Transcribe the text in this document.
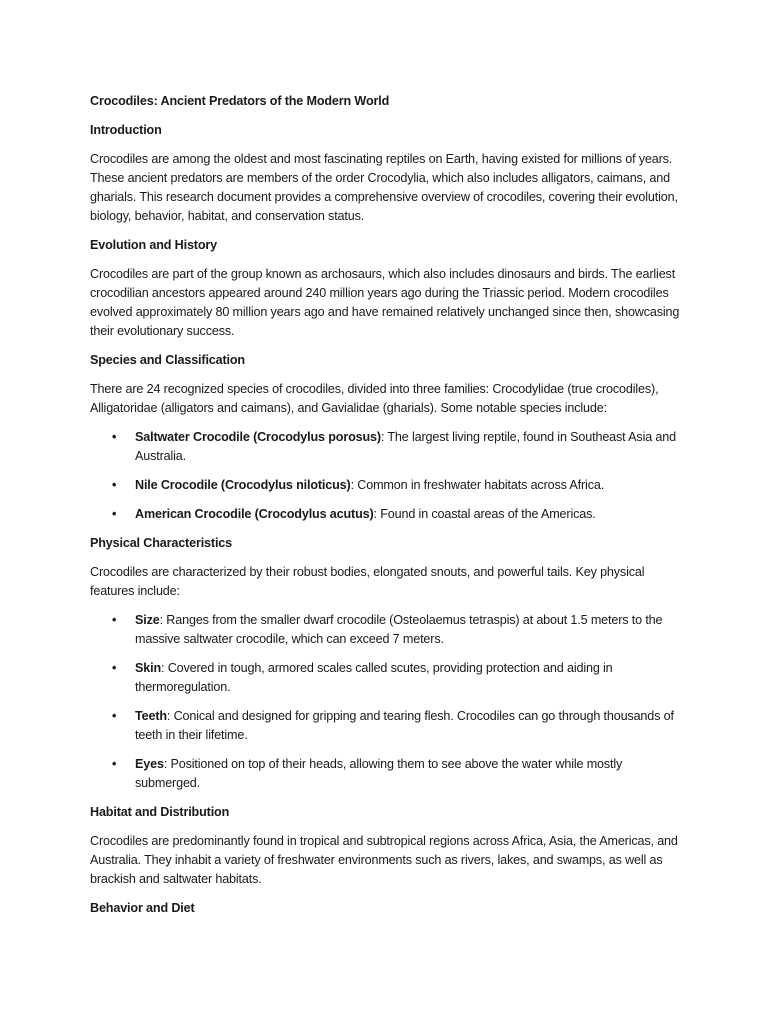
Crocodiles: Ancient Predators of the Modern World

Introduction

Crocodiles are among the oldest and most fascinating reptiles on Earth, having existed for millions of years. These ancient predators are members of the order Crocodylia, which also includes alligators, caimans, and gharials. This research document provides a comprehensive overview of crocodiles, covering their evolution, biology, behavior, habitat, and conservation status.

Evolution and History

Crocodiles are part of the group known as archosaurs, which also includes dinosaurs and birds. The earliest crocodilian ancestors appeared around 240 million years ago during the Triassic period. Modern crocodiles evolved approximately 80 million years ago and have remained relatively unchanged since then, showcasing their evolutionary success.

Species and Classification

There are 24 recognized species of crocodiles, divided into three families: Crocodylidae (true crocodiles), Alligatoridae (alligators and caimans), and Gavialidae (gharials). Some notable species include:

• Saltwater Crocodile (Crocodylus porosus): The largest living reptile, found in Southeast Asia and Australia.
• Nile Crocodile (Crocodylus niloticus): Common in freshwater habitats across Africa.
• American Crocodile (Crocodylus acutus): Found in coastal areas of the Americas.

Physical Characteristics

Crocodiles are characterized by their robust bodies, elongated snouts, and powerful tails. Key physical features include:

• Size: Ranges from the smaller dwarf crocodile (Osteolaemus tetraspis) at about 1.5 meters to the massive saltwater crocodile, which can exceed 7 meters.
• Skin: Covered in tough, armored scales called scutes, providing protection and aiding in thermoregulation.
• Teeth: Conical and designed for gripping and tearing flesh. Crocodiles can go through thousands of teeth in their lifetime.
• Eyes: Positioned on top of their heads, allowing them to see above the water while mostly submerged.

Habitat and Distribution

Crocodiles are predominantly found in tropical and subtropical regions across Africa, Asia, the Americas, and Australia. They inhabit a variety of freshwater environments such as rivers, lakes, and swamps, as well as brackish and saltwater habitats.

Behavior and Diet
